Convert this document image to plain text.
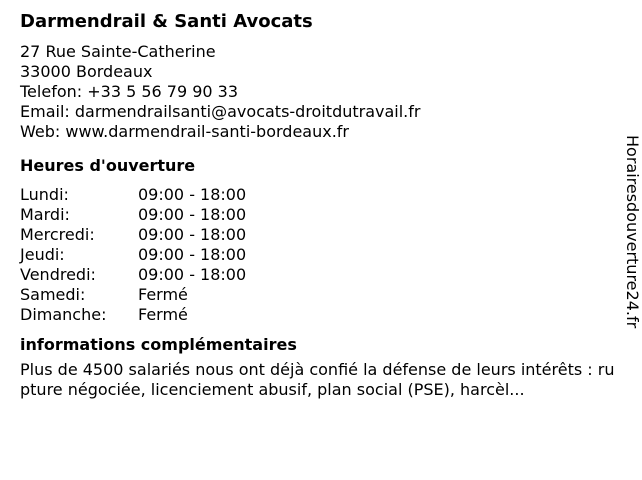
Darmendrail & Santi Avocats
27 Rue Sainte-Catherine
33000 Bordeaux
Telefon: +33 5 56 79 90 33
Email: darmendrailsanti@avocats-droitdutravail.fr
Web: www.darmendrail-santi-bordeaux.fr
Heures d'ouverture
Lundi:	09:00 - 18:00
Mardi:	09:00 - 18:00
Mercredi:	09:00 - 18:00
Jeudi:	09:00 - 18:00
Vendredi:	09:00 - 18:00
Samedi:	Fermé
Dimanche:	Fermé
informations complémentaires
Plus de 4500 salariés nous ont déjà confié la défense de leurs intérêts : rupture négociée, licenciement abusif, plan social (PSE), harcèl...
Horairesdouverture24.fr
